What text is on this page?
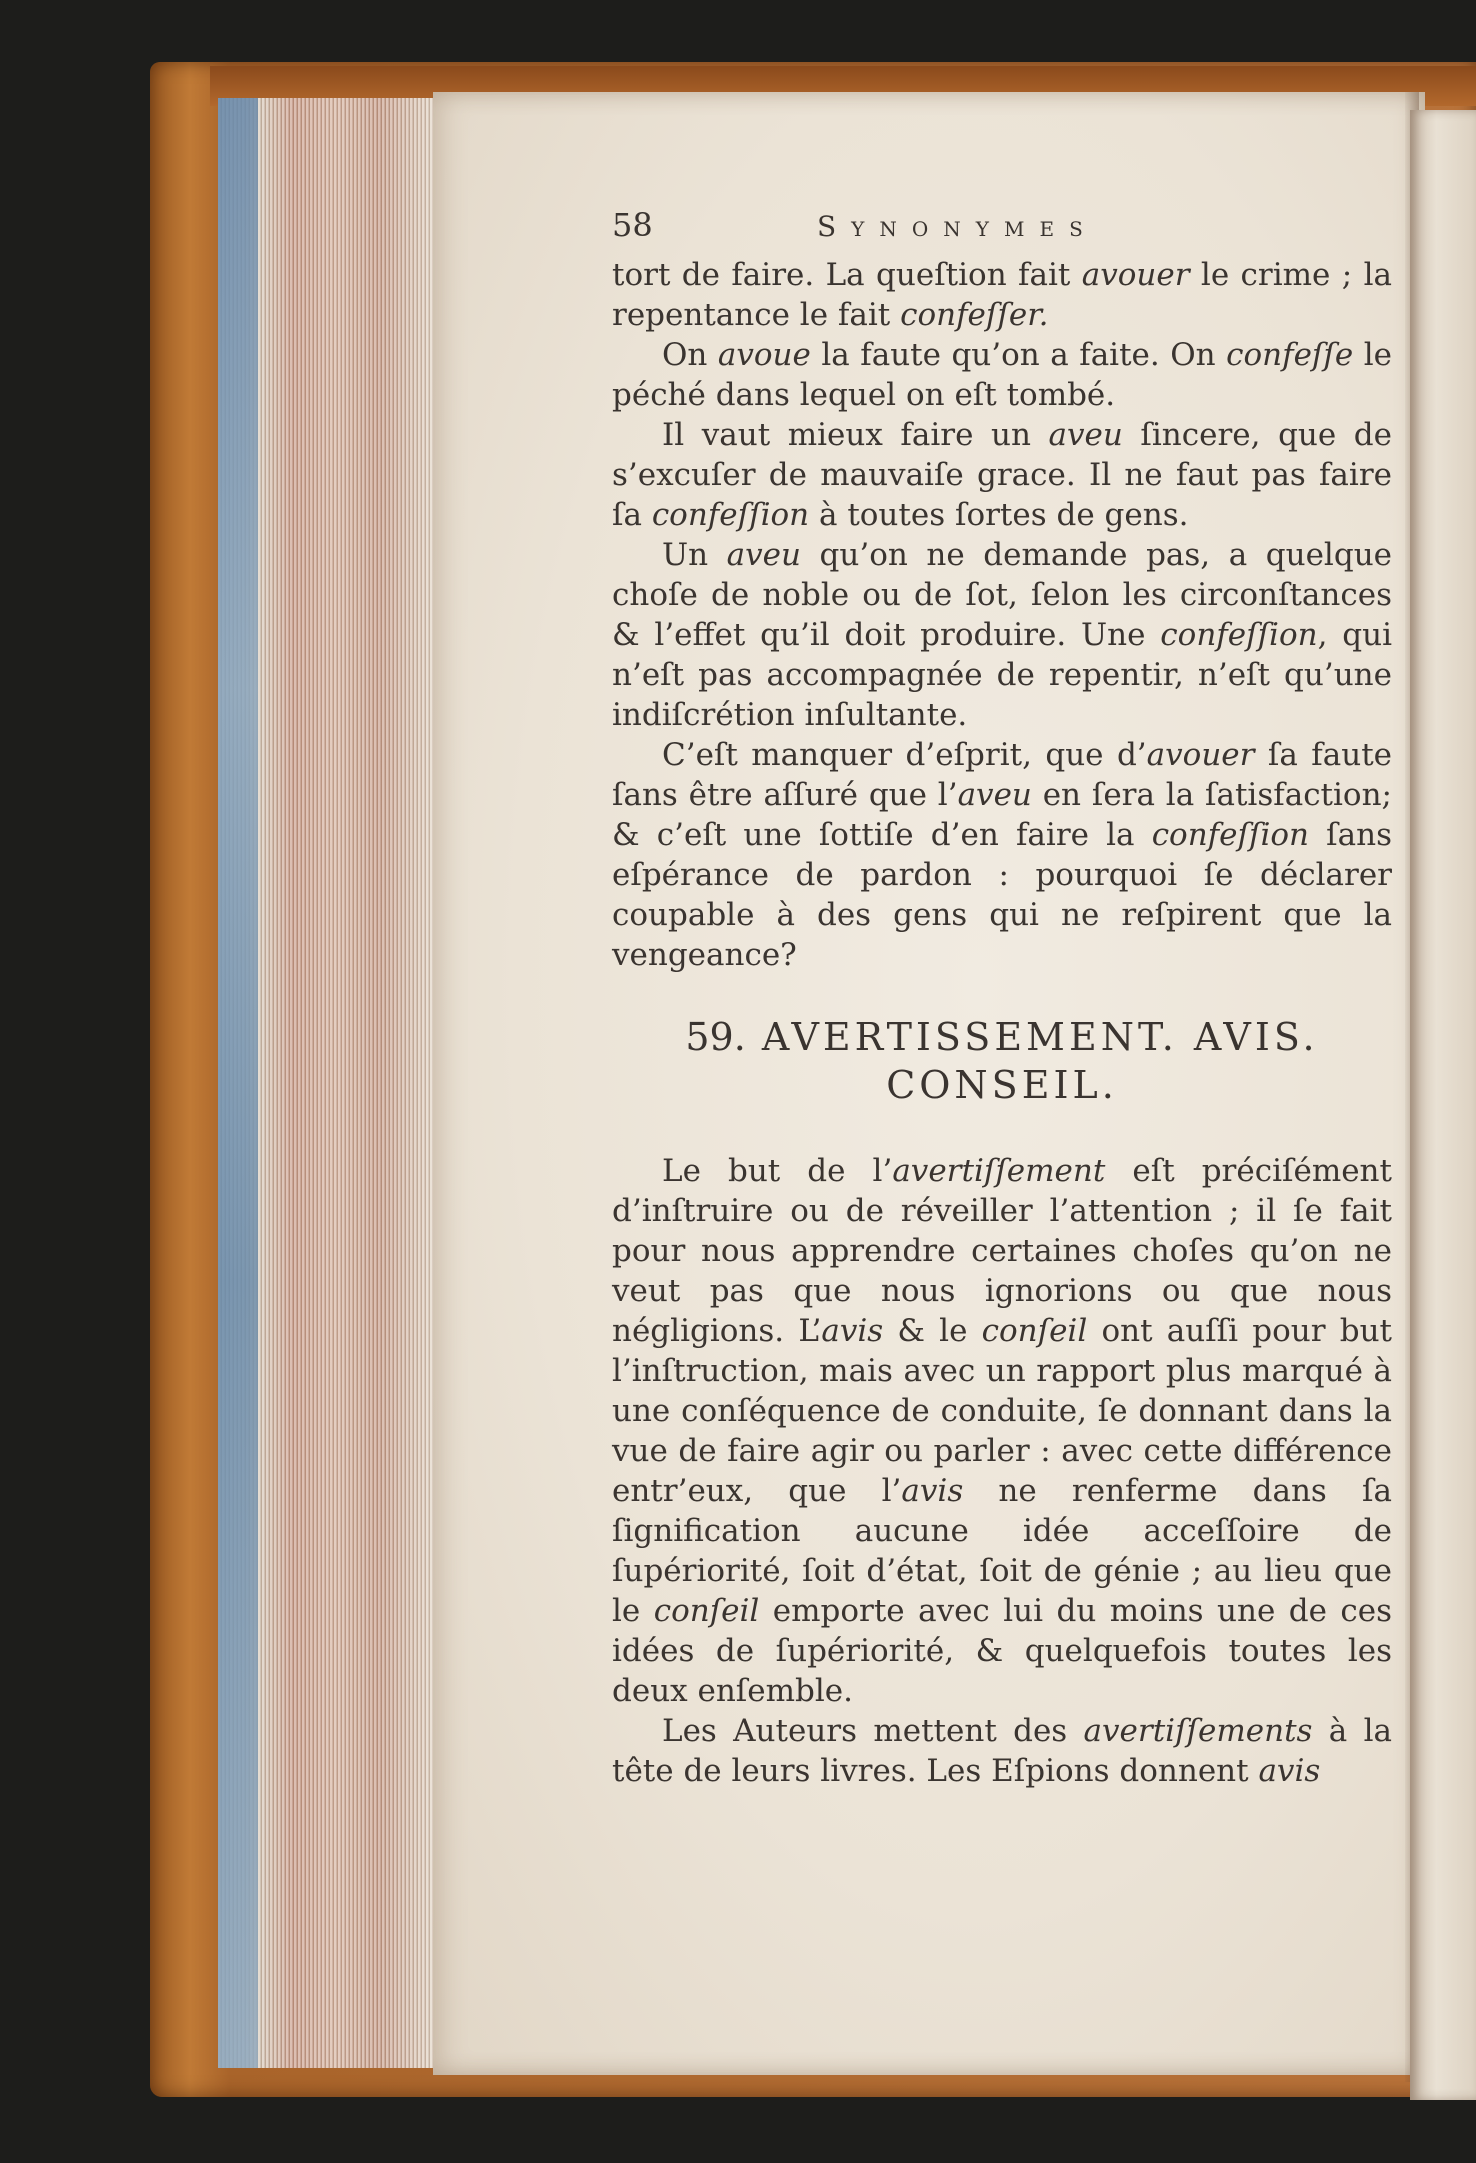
58	Synonymes

tort de faire. La queſtion fait avouer le crime ; la repentance le fait confeſſer.

On avoue la faute qu’on a faite. On confeſſe le péché dans lequel on eſt tombé.

Il vaut mieux faire un aveu ſincere, que de s’excuſer de mauvaiſe grace. Il ne faut pas faire ſa confeſſion à toutes ſortes de gens.

Un aveu qu’on ne demande pas, a quelque choſe de noble ou de ſot, ſelon les circonſtances & l’effet qu’il doit produire. Une confeſſion, qui n’eſt pas accompagnée de repentir, n’eſt qu’une indiſcrétion inſultante.

C’eſt manquer d’eſprit, que d’avouer ſa faute ſans être aſſuré que l’aveu en ſera la ſatisfaction; & c’eſt une ſottiſe d’en faire la confeſſion ſans eſpérance de pardon : pourquoi ſe déclarer coupable à des gens qui ne reſpirent que la vengeance?

59. AVERTISSEMENT. AVIS.
CONSEIL.

Le but de l’avertiſſement eſt préciſément d’inſtruire ou de réveiller l’attention ; il ſe fait pour nous apprendre certaines choſes qu’on ne veut pas que nous ignorions ou que nous négligions. L’avis & le conſeil ont auſſi pour but l’inſtruction, mais avec un rapport plus marqué à une conſéquence de conduite, ſe donnant dans la vue de faire agir ou parler : avec cette différence entr’eux, que l’avis ne renferme dans ſa ſignification aucune idée acceſſoire de ſupériorité, ſoit d’état, ſoit de génie ; au lieu que le conſeil emporte avec lui du moins une de ces idées de ſupériorité, & quelquefois toutes les deux enſemble.

Les Auteurs mettent des avertiſſements à la tête de leurs livres. Les Eſpions donnent avis
